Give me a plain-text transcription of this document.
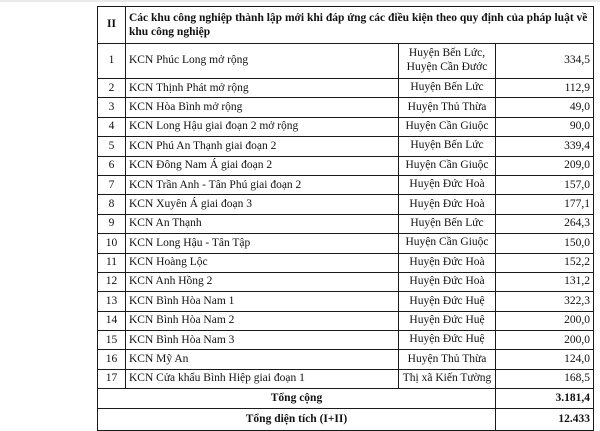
II	Các khu công nghiệp thành lập mới khi đáp ứng các điều kiện theo quy định của pháp luật về khu công nghiệp		
1	KCN Phúc Long mở rộng	Huyện Bến Lức,
Huyện Cần Đước	334,5
2	KCN Thịnh Phát mở rộng	Huyện Bến Lức	112,9
3	KCN Hòa Bình mở rộng	Huyện Thủ Thừa	49,0
4	KCN Long Hậu giai đoạn 2 mở rộng	Huyện Cần Giuộc	90,0
5	KCN Phú An Thạnh giai đoạn 2	Huyện Bến Lức	339,4
6	KCN Đông Nam Á giai đoạn 2	Huyện Cần Giuộc	209,0
7	KCN Trần Anh - Tân Phú giai đoạn 2	Huyện Đức Hoà	157,0
8	KCN Xuyên Á giai đoạn 3	Huyện Đức Hoà	177,1
9	KCN An Thạnh	Huyện Bến Lức	264,3
10	KCN Long Hậu - Tân Tập	Huyện Cần Giuộc	150,0
11	KCN Hoàng Lộc	Huyện Đức Hoà	152,2
12	KCN Anh Hồng 2	Huyện Đức Hoà	131,2
13	KCN Bình Hòa Nam 1	Huyện Đức Huệ	322,3
14	KCN Bình Hòa Nam 2	Huyện Đức Huệ	200,0
15	KCN Bình Hòa Nam 3	Huyện Đức Huệ	200,0
16	KCN Mỹ An	Huyện Thủ Thừa	124,0
17	KCN Cửa khẩu Bình Hiệp giai đoạn 1	Thị xã Kiến Tường	168,5
Tổng cộng			3.181,4
Tổng diện tích (I+II)			12.433
